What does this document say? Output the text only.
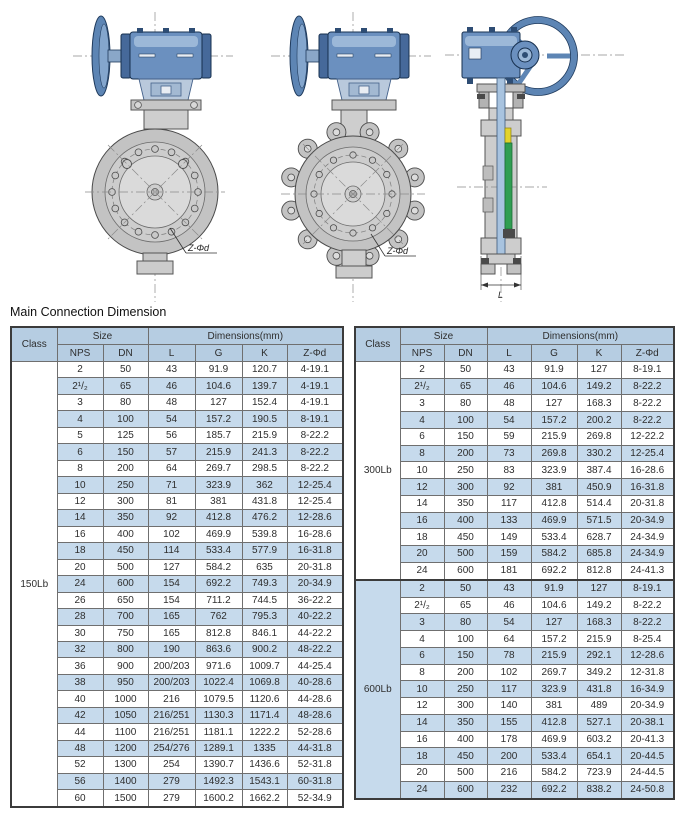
Z-Φd	Z-Φd
L
Main Connection Dimension
Class	Size		Dimensions(mm)			
	NPS	DN	L	G	K	Z-Φd
150Lb	2	50	43	91.9	120.7	4-19.1
	2¹/₂	65	46	104.6	139.7	4-19.1
	3	80	48	127	152.4	4-19.1
	4	100	54	157.2	190.5	8-19.1
	5	125	56	185.7	215.9	8-22.2
	6	150	57	215.9	241.3	8-22.2
	8	200	64	269.7	298.5	8-22.2
	10	250	71	323.9	362	12-25.4
	12	300	81	381	431.8	12-25.4
	14	350	92	412.8	476.2	12-28.6
	16	400	102	469.9	539.8	16-28.6
	18	450	114	533.4	577.9	16-31.8
	20	500	127	584.2	635	20-31.8
	24	600	154	692.2	749.3	20-34.9
	26	650	154	711.2	744.5	36-22.2
	28	700	165	762	795.3	40-22.2
	30	750	165	812.8	846.1	44-22.2
	32	800	190	863.6	900.2	48-22.2
	36	900	200/203	971.6	1009.7	44-25.4
	38	950	200/203	1022.4	1069.8	40-28.6
	40	1000	216	1079.5	1120.6	44-28.6
	42	1050	216/251	1130.3	1171.4	48-28.6
	44	1100	216/251	1181.1	1222.2	52-28.6
	48	1200	254/276	1289.1	1335	44-31.8
	52	1300	254	1390.7	1436.6	52-31.8
	56	1400	279	1492.3	1543.1	60-31.8
	60	1500	279	1600.2	1662.2	52-34.9
Class	Size		Dimensions(mm)			
	NPS	DN	L	G	K	Z-Φd
300Lb	2	50	43	91.9	127	8-19.1
	2¹/₂	65	46	104.6	149.2	8-22.2
	3	80	48	127	168.3	8-22.2
	4	100	54	157.2	200.2	8-22.2
	6	150	59	215.9	269.8	12-22.2
	8	200	73	269.8	330.2	12-25.4
	10	250	83	323.9	387.4	16-28.6
	12	300	92	381	450.9	16-31.8
	14	350	117	412.8	514.4	20-31.8
	16	400	133	469.9	571.5	20-34.9
	18	450	149	533.4	628.7	24-34.9
	20	500	159	584.2	685.8	24-34.9
	24	600	181	692.2	812.8	24-41.3
600Lb	2	50	43	91.9	127	8-19.1
	2¹/₂	65	46	104.6	149.2	8-22.2
	3	80	54	127	168.3	8-22.2
	4	100	64	157.2	215.9	8-25.4
	6	150	78	215.9	292.1	12-28.6
	8	200	102	269.7	349.2	12-31.8
	10	250	117	323.9	431.8	16-34.9
	12	300	140	381	489	20-34.9
	14	350	155	412.8	527.1	20-38.1
	16	400	178	469.9	603.2	20-41.3
	18	450	200	533.4	654.1	20-44.5
	20	500	216	584.2	723.9	24-44.5
	24	600	232	692.2	838.2	24-50.8
